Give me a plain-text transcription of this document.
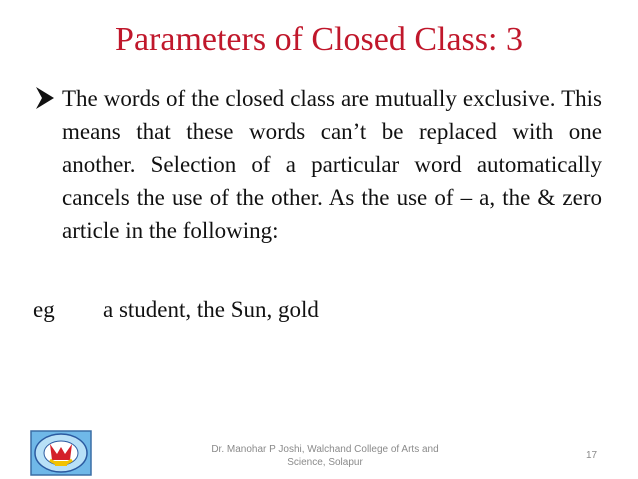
Parameters of Closed Class: 3
The words of the closed class are mutually exclusive. This means that these words can’t be replaced with one another. Selection of a particular word automatically cancels the use of the other. As the use of – a, the & zero article in the following:
eg a student, the Sun, gold
Dr. Manohar P Joshi, Walchand College of Arts and Science, Solapur
17
